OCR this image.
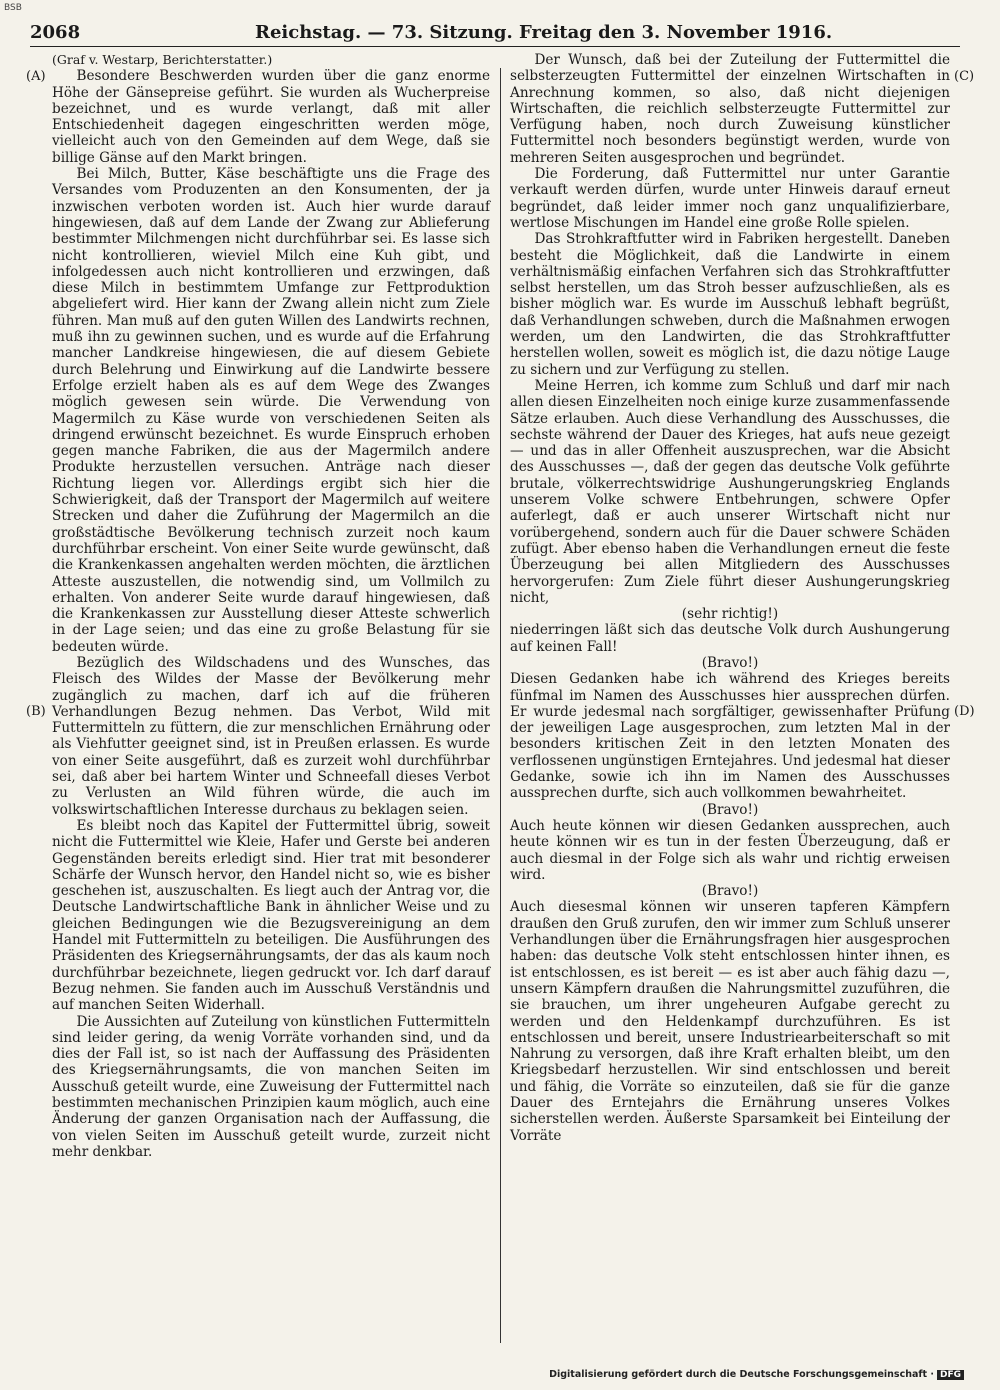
BSB
2068	Reichstag. — 73. Sitzung. Freitag den 3. November 1916.
(A)
(B)
(C)
(D)

(Graf v. Westarp, Berichterstatter.)

Besondere Beschwerden wurden über die ganz enorme Höhe der Gänsepreise geführt. Sie wurden als Wucherpreise bezeichnet, und es wurde verlangt, daß mit aller Entschiedenheit dagegen eingeschritten werden möge, vielleicht auch von den Gemeinden auf dem Wege, daß sie billige Gänse auf den Markt bringen.

Bei Milch, Butter, Käse beschäftigte uns die Frage des Versandes vom Produzenten an den Konsumenten, der ja inzwischen verboten worden ist. Auch hier wurde darauf hingewiesen, daß auf dem Lande der Zwang zur Ablieferung bestimmter Milchmengen nicht durchführbar sei. Es lasse sich nicht kontrollieren, wieviel Milch eine Kuh gibt, und infolgedessen auch nicht kontrollieren und erzwingen, daß diese Milch in bestimmtem Umfange zur Fettproduktion abgeliefert wird. Hier kann der Zwang allein nicht zum Ziele führen. Man muß auf den guten Willen des Landwirts rechnen, muß ihn zu gewinnen suchen, und es wurde auf die Erfahrung mancher Landkreise hingewiesen, die auf diesem Gebiete durch Belehrung und Einwirkung auf die Landwirte bessere Erfolge erzielt haben als es auf dem Wege des Zwanges möglich gewesen sein würde. Die Verwendung von Magermilch zu Käse wurde von verschiedenen Seiten als dringend erwünscht bezeichnet. Es wurde Einspruch erhoben gegen manche Fabriken, die aus der Magermilch andere Produkte herzustellen versuchen. Anträge nach dieser Richtung liegen vor. Allerdings ergibt sich hier die Schwierigkeit, daß der Transport der Magermilch auf weitere Strecken und daher die Zuführung der Magermilch an die großstädtische Bevölkerung technisch zurzeit noch kaum durchführbar erscheint. Von einer Seite wurde gewünscht, daß die Krankenkassen angehalten werden möchten, die ärztlichen Atteste auszustellen, die notwendig sind, um Vollmilch zu erhalten. Von anderer Seite wurde darauf hingewiesen, daß die Krankenkassen zur Ausstellung dieser Atteste schwerlich in der Lage seien; und das eine zu große Belastung für sie bedeuten würde.

Bezüglich des Wildschadens und des Wunsches, das Fleisch des Wildes der Masse der Bevölkerung mehr zugänglich zu machen, darf ich auf die früheren Verhandlungen Bezug nehmen. Das Verbot, Wild mit Futtermitteln zu füttern, die zur menschlichen Ernährung oder als Viehfutter geeignet sind, ist in Preußen erlassen. Es wurde von einer Seite ausgeführt, daß es zurzeit wohl durchführbar sei, daß aber bei hartem Winter und Schneefall dieses Verbot zu Verlusten an Wild führen würde, die auch im volkswirtschaftlichen Interesse durchaus zu beklagen seien.

Es bleibt noch das Kapitel der Futtermittel übrig, soweit nicht die Futtermittel wie Kleie, Hafer und Gerste bei anderen Gegenständen bereits erledigt sind. Hier trat mit besonderer Schärfe der Wunsch hervor, den Handel nicht so, wie es bisher geschehen ist, auszuschalten. Es liegt auch der Antrag vor, die Deutsche Landwirtschaftliche Bank in ähnlicher Weise und zu gleichen Bedingungen wie die Bezugsvereinigung an dem Handel mit Futtermitteln zu beteiligen. Die Ausführungen des Präsidenten des Kriegsernährungsamts, der das als kaum noch durchführbar bezeichnete, liegen gedruckt vor. Ich darf darauf Bezug nehmen. Sie fanden auch im Ausschuß Verständnis und auf manchen Seiten Widerhall.

Die Aussichten auf Zuteilung von künstlichen Futtermitteln sind leider gering, da wenig Vorräte vorhanden sind, und da dies der Fall ist, so ist nach der Auffassung des Präsidenten des Kriegsernährungsamts, die von manchen Seiten im Ausschuß geteilt wurde, eine Zuweisung der Futtermittel nach bestimmten mechanischen Prinzipien kaum möglich, auch eine Änderung der ganzen Organisation nach der Auffassung, die von vielen Seiten im Ausschuß geteilt wurde, zurzeit nicht mehr denkbar.

Der Wunsch, daß bei der Zuteilung der Futtermittel die selbsterzeugten Futtermittel der einzelnen Wirtschaften in Anrechnung kommen, so also, daß nicht diejenigen Wirtschaften, die reichlich selbsterzeugte Futtermittel zur Verfügung haben, noch durch Zuweisung künstlicher Futtermittel noch besonders begünstigt werden, wurde von mehreren Seiten ausgesprochen und begründet.

Die Forderung, daß Futtermittel nur unter Garantie verkauft werden dürfen, wurde unter Hinweis darauf erneut begründet, daß leider immer noch ganz unqualifizierbare, wertlose Mischungen im Handel eine große Rolle spielen.

Das Strohkraftfutter wird in Fabriken hergestellt. Daneben besteht die Möglichkeit, daß die Landwirte in einem verhältnismäßig einfachen Verfahren sich das Strohkraftfutter selbst herstellen, um das Stroh besser aufzuschließen, als es bisher möglich war. Es wurde im Ausschuß lebhaft begrüßt, daß Verhandlungen schweben, durch die Maßnahmen erwogen werden, um den Landwirten, die das Strohkraftfutter herstellen wollen, soweit es möglich ist, die dazu nötige Lauge zu sichern und zur Verfügung zu stellen.

Meine Herren, ich komme zum Schluß und darf mir nach allen diesen Einzelheiten noch einige kurze zusammenfassende Sätze erlauben. Auch diese Verhandlung des Ausschusses, die sechste während der Dauer des Krieges, hat aufs neue gezeigt — und das in aller Offenheit auszusprechen, war die Absicht des Ausschusses —, daß der gegen das deutsche Volk geführte brutale, völkerrechtswidrige Aushungerungskrieg Englands unserem Volke schwere Entbehrungen, schwere Opfer auferlegt, daß er auch unserer Wirtschaft nicht nur vorübergehend, sondern auch für die Dauer schwere Schäden zufügt. Aber ebenso haben die Verhandlungen erneut die feste Überzeugung bei allen Mitgliedern des Ausschusses hervorgerufen: Zum Ziele führt dieser Aushungerungskrieg nicht,

(sehr richtig!)

niederringen läßt sich das deutsche Volk durch Aushungerung auf keinen Fall!

(Bravo!)

Diesen Gedanken habe ich während des Krieges bereits fünfmal im Namen des Ausschusses hier aussprechen dürfen. Er wurde jedesmal nach sorgfältiger, gewissenhafter Prüfung der jeweiligen Lage ausgesprochen, zum letzten Mal in der besonders kritischen Zeit in den letzten Monaten des verflossenen ungünstigen Erntejahres. Und jedesmal hat dieser Gedanke, sowie ich ihn im Namen des Ausschusses aussprechen durfte, sich auch vollkommen bewahrheitet.

(Bravo!)

Auch heute können wir diesen Gedanken aussprechen, auch heute können wir es tun in der festen Überzeugung, daß er auch diesmal in der Folge sich als wahr und richtig erweisen wird.

(Bravo!)

Auch diesesmal können wir unseren tapferen Kämpfern draußen den Gruß zurufen, den wir immer zum Schluß unserer Verhandlungen über die Ernährungsfragen hier ausgesprochen haben: das deutsche Volk steht entschlossen hinter ihnen, es ist entschlossen, es ist bereit — es ist aber auch fähig dazu —, unsern Kämpfern draußen die Nahrungsmittel zuzuführen, die sie brauchen, um ihrer ungeheuren Aufgabe gerecht zu werden und den Heldenkampf durchzuführen. Es ist entschlossen und bereit, unsere Industriearbeiterschaft so mit Nahrung zu versorgen, daß ihre Kraft erhalten bleibt, um den Kriegsbedarf herzustellen. Wir sind entschlossen und bereit und fähig, die Vorräte so einzuteilen, daß sie für die ganze Dauer des Erntejahrs die Ernährung unseres Volkes sicherstellen werden. Äußerste Sparsamkeit bei Einteilung der Vorräte

Digitalisierung gefördert durch die Deutsche Forschungsgemeinschaft · DFG
